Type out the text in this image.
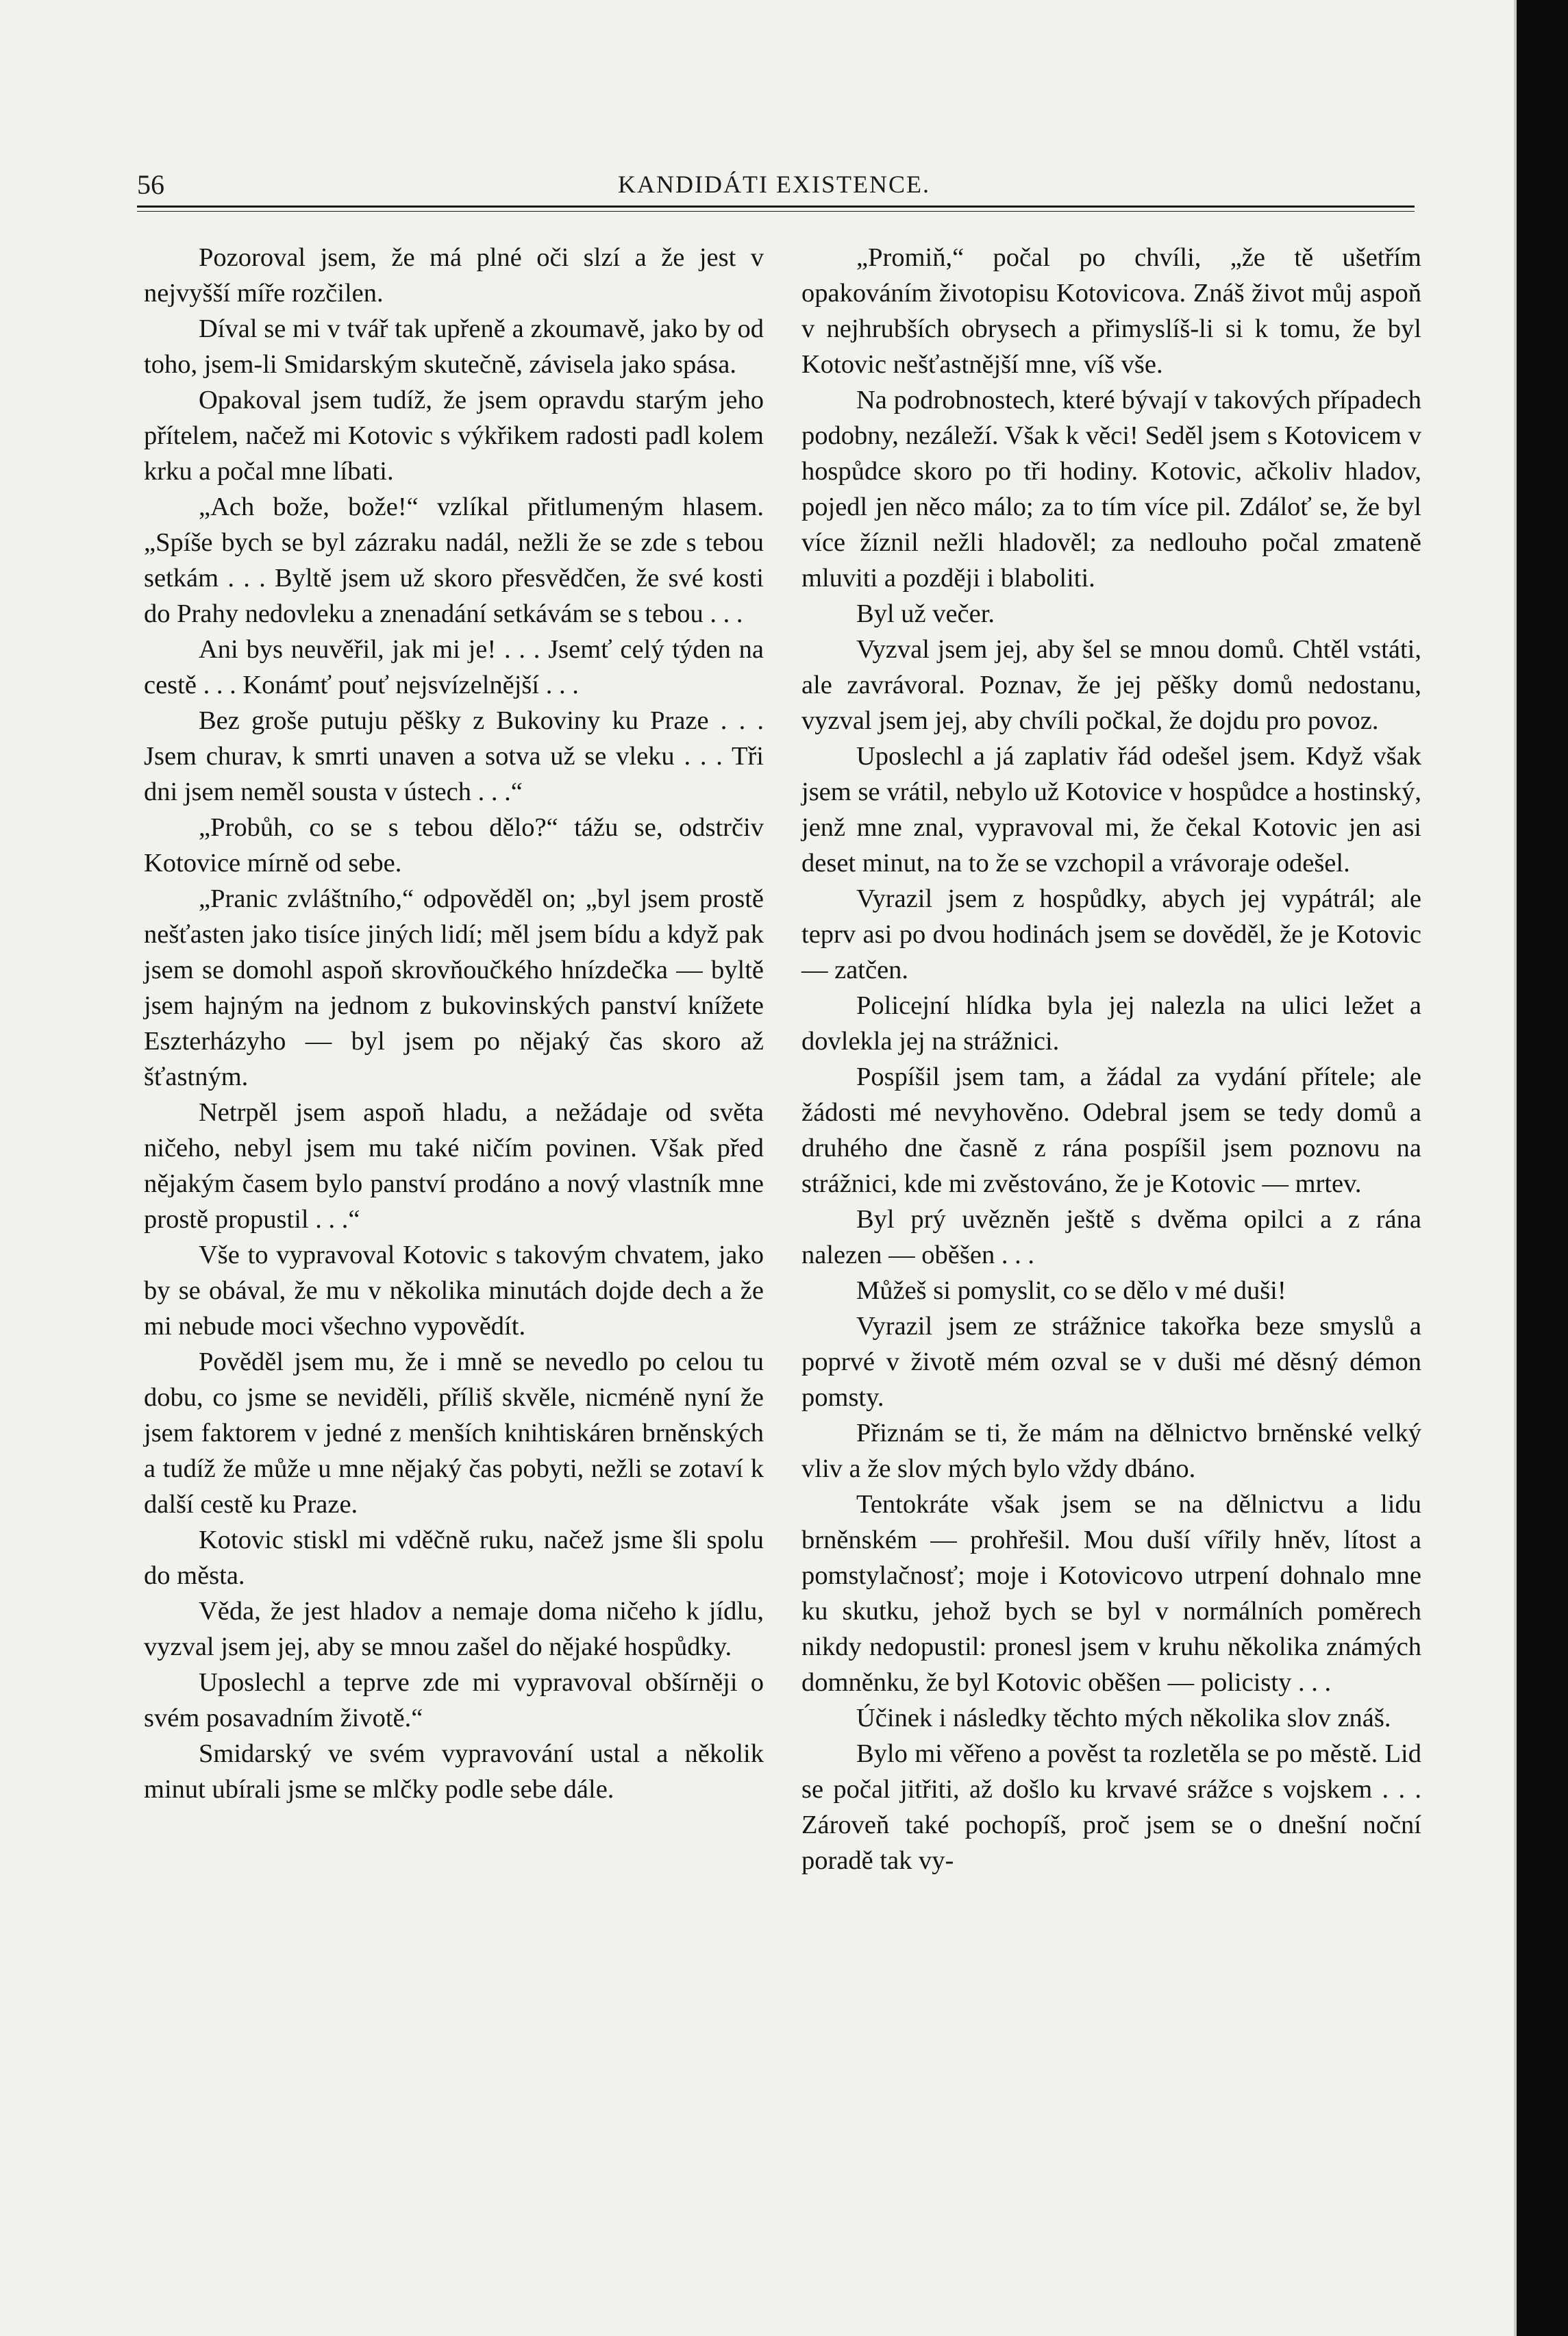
56	KANDIDÁTI EXISTENCE.

Pozoroval jsem, že má plné oči slzí a že jest v nejvyšší míře rozčilen.

Díval se mi v tvář tak upřeně a zkoumavě, jako by od toho, jsem-li Smidarským skutečně, závisela jako spása.

Opakoval jsem tudíž, že jsem opravdu starým jeho přítelem, načež mi Kotovic s výkřikem radosti padl kolem krku a počal mne líbati.

„Ach bože, bože!“ vzlíkal přitlumeným hlasem. „Spíše bych se byl zázraku nadál, nežli že se zde s tebou setkám . . . Byltě jsem už skoro přesvědčen, že své kosti do Prahy nedovleku a znenadání setkávám se s tebou . . .

Ani bys neuvěřil, jak mi je! . . . Jsemť celý týden na cestě . . . Konámť pouť nejsvízelnější . . .

Bez groše putuju pěšky z Bukoviny ku Praze . . . Jsem churav, k smrti unaven a sotva už se vleku . . . Tři dni jsem neměl sousta v ústech . . .“

„Probůh, co se s tebou dělo?“ tážu se, odstrčiv Kotovice mírně od sebe.

„Pranic zvláštního,“ odpověděl on; „byl jsem prostě nešťasten jako tisíce jiných lidí; měl jsem bídu a když pak jsem se domohl aspoň skrovňoučkého hnízdečka — byltě jsem hajným na jednom z bukovinských panství knížete Eszterházyho — byl jsem po nějaký čas skoro až šťastným.

Netrpěl jsem aspoň hladu, a nežádaje od světa ničeho, nebyl jsem mu také ničím povinen. Však před nějakým časem bylo panství prodáno a nový vlastník mne prostě propustil . . .“

Vše to vypravoval Kotovic s takovým chvatem, jako by se obával, že mu v několika minutách dojde dech a že mi nebude moci všechno vypovědít.

Pověděl jsem mu, že i mně se nevedlo po celou tu dobu, co jsme se neviděli, příliš skvěle, nicméně nyní že jsem faktorem v jedné z menších knihtiskáren brněnských a tudíž že může u mne nějaký čas pobyti, nežli se zotaví k další cestě ku Praze.

Kotovic stiskl mi vděčně ruku, načež jsme šli spolu do města.

Věda, že jest hladov a nemaje doma ničeho k jídlu, vyzval jsem jej, aby se mnou zašel do nějaké hospůdky.

Uposlechl a teprve zde mi vypravoval obšírněji o svém posavadním životě.“

Smidarský ve svém vypravování ustal a několik minut ubírali jsme se mlčky podle sebe dále.

„Promiň,“ počal po chvíli, „že tě ušetřím opakováním životopisu Kotovicova. Znáš život můj aspoň v nejhrubších obrysech a přimyslíš-li si k tomu, že byl Kotovic nešťastnější mne, víš vše.

Na podrobnostech, které bývají v takových případech podobny, nezáleží. Však k věci! Seděl jsem s Kotovicem v hospůdce skoro po tři hodiny. Kotovic, ačkoliv hladov, pojedl jen něco málo; za to tím více pil. Zdáloť se, že byl více žíznil nežli hladověl; za nedlouho počal zmateně mluviti a později i blaboliti.

Byl už večer.

Vyzval jsem jej, aby šel se mnou domů. Chtěl vstáti, ale zavrávoral. Poznav, že jej pěšky domů nedostanu, vyzval jsem jej, aby chvíli počkal, že dojdu pro povoz.

Uposlechl a já zaplativ řád odešel jsem. Když však jsem se vrátil, nebylo už Kotovice v hospůdce a hostinský, jenž mne znal, vypravoval mi, že čekal Kotovic jen asi deset minut, na to že se vzchopil a vrávoraje odešel.

Vyrazil jsem z hospůdky, abych jej vypátrál; ale teprv asi po dvou hodinách jsem se dověděl, že je Kotovic — zatčen.

Policejní hlídka byla jej nalezla na ulici ležet a dovlekla jej na strážnici.

Pospíšil jsem tam, a žádal za vydání přítele; ale žádosti mé nevyhověno. Odebral jsem se tedy domů a druhého dne časně z rána pospíšil jsem poznovu na strážnici, kde mi zvěstováno, že je Kotovic — mrtev.

Byl prý uvězněn ještě s dvěma opilci a z rána nalezen — oběšen . . .

Můžeš si pomyslit, co se dělo v mé duši!

Vyrazil jsem ze strážnice takořka beze smyslů a poprvé v životě mém ozval se v duši mé děsný démon pomsty.

Přiznám se ti, že mám na dělnictvo brněnské velký vliv a že slov mých bylo vždy dbáno.

Tentokráte však jsem se na dělnictvu a lidu brněnském — prohřešil. Mou duší vířily hněv, lítost a pomstylačnosť; moje i Kotovicovo utrpení dohnalo mne ku skutku, jehož bych se byl v normálních poměrech nikdy nedopustil: pronesl jsem v kruhu několika známých domněnku, že byl Kotovic oběšen — policisty . . .

Účinek i následky těchto mých několika slov znáš.

Bylo mi věřeno a pověst ta rozletěla se po městě. Lid se počal jitřiti, až došlo ku krvavé srážce s vojskem . . . Zároveň také pochopíš, proč jsem se o dnešní noční poradě tak vy-
